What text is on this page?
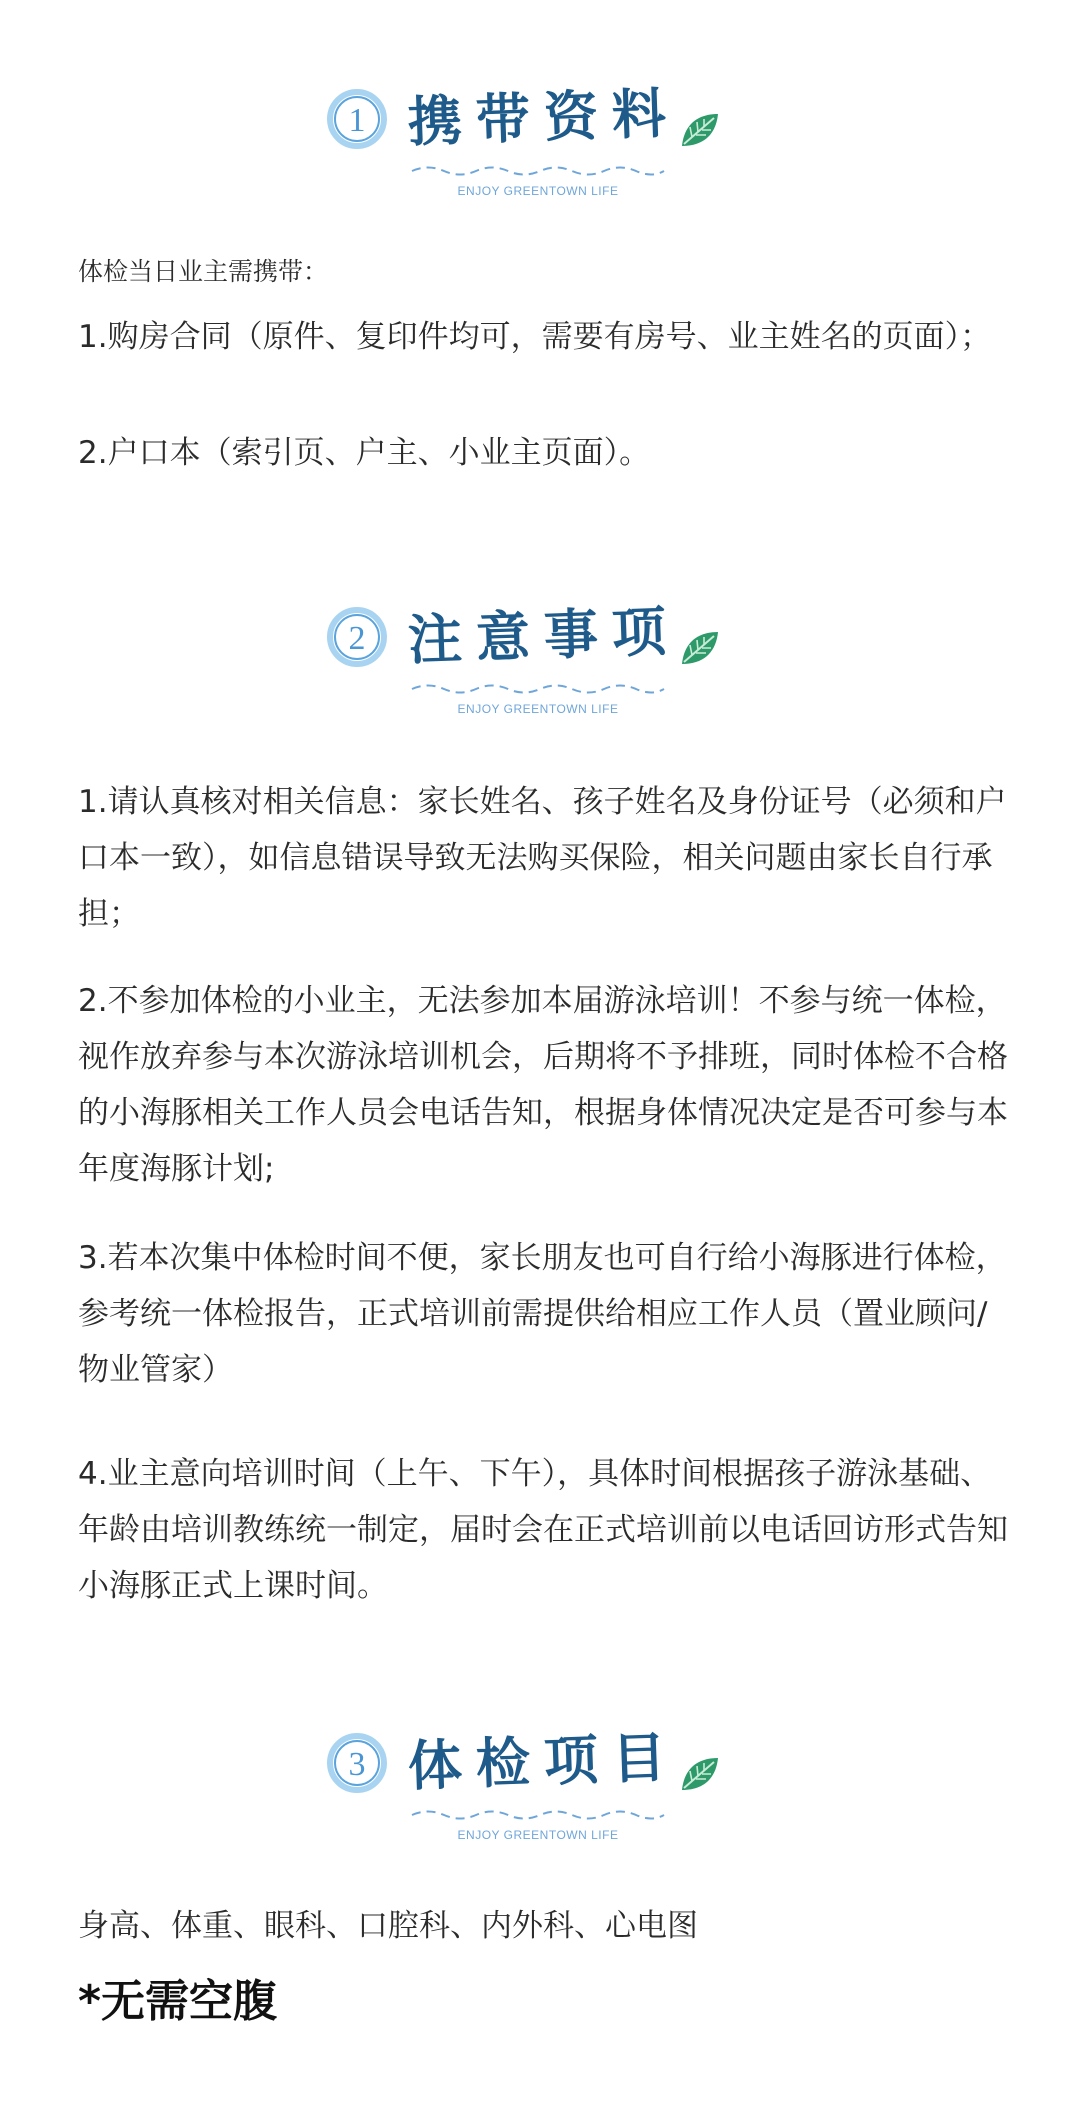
1 携带资料
ENJOY GREENTOWN LIFE

体检当日业主需携带：

1.购房合同（原件、复印件均可，需要有房号、业主姓名的页面）；

2.户口本（索引页、户主、小业主页面）。

2 注意事项
ENJOY GREENTOWN LIFE

1.请认真核对相关信息：家长姓名、孩子姓名及身份证号（必须和户口本一致），如信息错误导致无法购买保险，相关问题由家长自行承担；

2.不参加体检的小业主，无法参加本届游泳培训！不参与统一体检，视作放弃参与本次游泳培训机会，后期将不予排班，同时体检不合格的小海豚相关工作人员会电话告知，根据身体情况决定是否可参与本年度海豚计划;

3.若本次集中体检时间不便，家长朋友也可自行给小海豚进行体检，参考统一体检报告，正式培训前需提供给相应工作人员（置业顾问/物业管家）

4.业主意向培训时间（上午、下午），具体时间根据孩子游泳基础、年龄由培训教练统一制定，届时会在正式培训前以电话回访形式告知小海豚正式上课时间。

3 体检项目
ENJOY GREENTOWN LIFE

身高、体重、眼科、口腔科、内外科、心电图

*无需空腹
